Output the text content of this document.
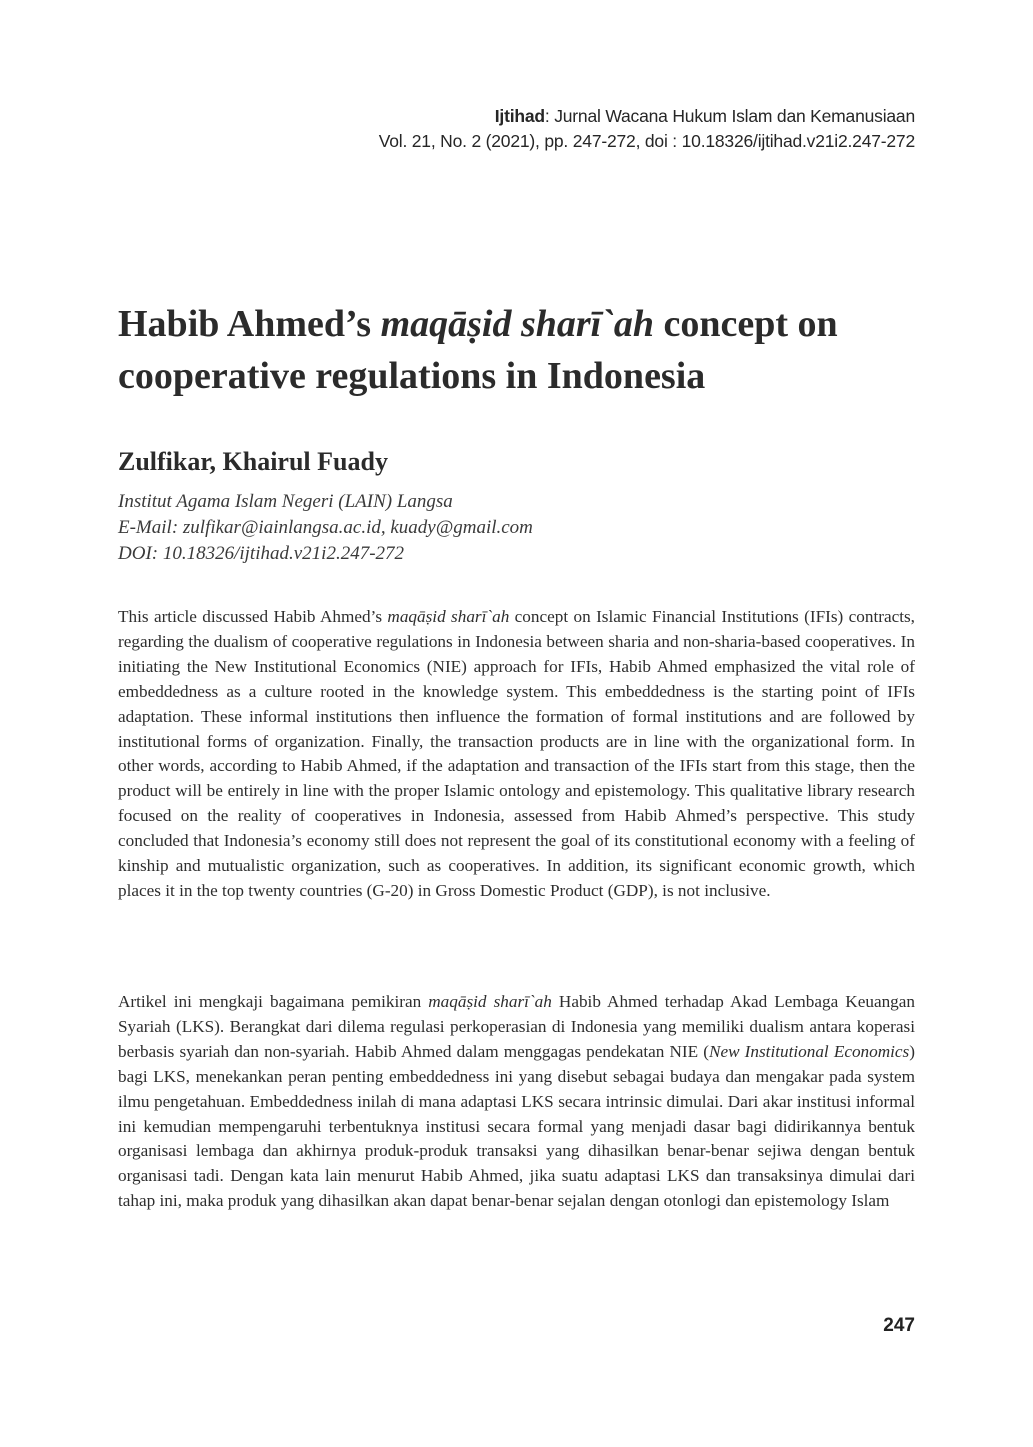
Ijtihad: Jurnal Wacana Hukum Islam dan Kemanusiaan
Vol. 21, No. 2 (2021), pp. 247-272, doi : 10.18326/ijtihad.v21i2.247-272
Habib Ahmed’s maqāṣid sharī`ah concept on cooperative regulations in Indonesia
Zulfikar, Khairul Fuady
Institut Agama Islam Negeri (LAIN) Langsa
E-Mail: zulfikar@iainlangsa.ac.id, kuady@gmail.com
DOI: 10.18326/ijtihad.v21i2.247-272

This article discussed Habib Ahmed’s maqāṣid sharī`ah concept on Islamic Financial Institutions (IFIs) contracts, regarding the dualism of cooperative regulations in Indonesia between sharia and non-sharia-based cooperatives. In initiating the New Institutional Economics (NIE) approach for IFIs, Habib Ahmed emphasized the vital role of embeddedness as a culture rooted in the knowledge system. This embeddedness is the starting point of IFIs adaptation. These informal institutions then influence the formation of formal institutions and are followed by institutional forms of organization. Finally, the transaction products are in line with the organizational form. In other words, according to Habib Ahmed, if the adaptation and transaction of the IFIs start from this stage, then the product will be entirely in line with the proper Islamic ontology and epistemology. This qualitative library research focused on the reality of cooperatives in Indonesia, assessed from Habib Ahmed’s perspective. This study concluded that Indonesia’s economy still does not represent the goal of its constitutional economy with a feeling of kinship and mutualistic organization, such as cooperatives. In addition, its significant economic growth, which places it in the top twenty countries (G-20) in Gross Domestic Product (GDP), is not inclusive.

Artikel ini mengkaji bagaimana pemikiran maqāṣid sharī`ah Habib Ahmed terhadap Akad Lembaga Keuangan Syariah (LKS). Berangkat dari dilema regulasi perkoperasian di Indonesia yang memiliki dualism antara koperasi berbasis syariah dan non-syariah. Habib Ahmed dalam menggagas pendekatan NIE (New Institutional Economics) bagi LKS, menekankan peran penting embeddedness ini yang disebut sebagai budaya dan mengakar pada system ilmu pengetahuan. Embeddedness inilah di mana adaptasi LKS secara intrinsic dimulai. Dari akar institusi informal ini kemudian mempengaruhi terbentuknya institusi secara formal yang menjadi dasar bagi didirikannya bentuk organisasi lembaga dan akhirnya produk-produk transaksi yang dihasilkan benar-benar sejiwa dengan bentuk organisasi tadi. Dengan kata lain menurut Habib Ahmed, jika suatu adaptasi LKS dan transaksinya dimulai dari tahap ini, maka produk yang dihasilkan akan dapat benar-benar sejalan dengan otonlogi dan epistemology Islam

247
